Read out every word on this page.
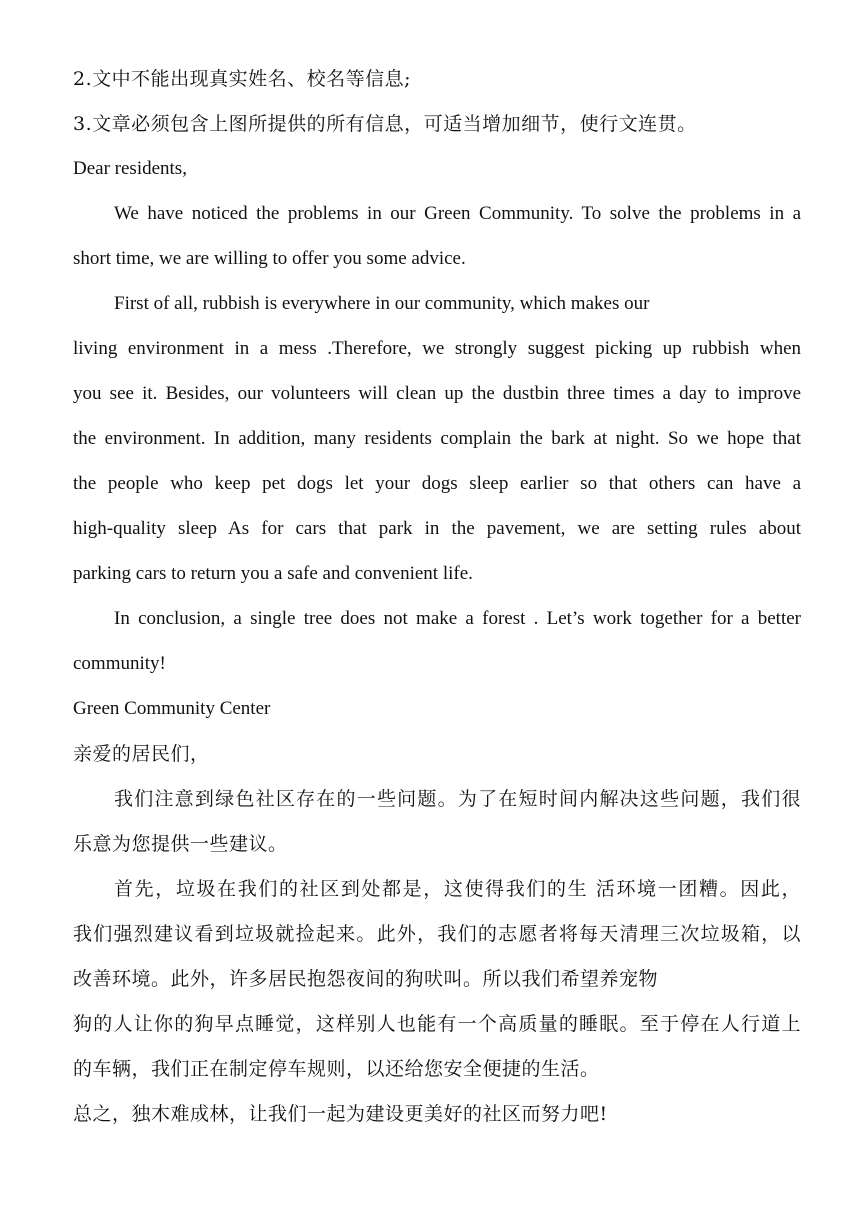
2.文中不能出现真实姓名、校名等信息;
3.文章必须包含上图所提供的所有信息，可适当增加细节，使行文连贯。
Dear residents,
We have noticed the problems in our Green Community. To solve the problems in a
short time, we are willing to offer you some advice.
First of all, rubbish is everywhere in our community, which makes our
living environment in a mess .Therefore, we strongly suggest picking up rubbish when
you see it. Besides, our volunteers will clean up the dustbin three times a day to improve
the environment. In addition, many residents complain the bark at night. So we hope that
the people who keep pet dogs let your dogs sleep earlier so that others can have a
high-quality sleep As for cars that park in the pavement, we are setting rules about
parking cars to return you a safe and convenient life.
In conclusion, a single tree does not make a forest . Let’s work together for a better
community!
Green Community Center
亲爱的居民们，
我们注意到绿色社区存在的一些问题。为了在短时间内解决这些问题，我们很
乐意为您提供一些建议。
首先，垃圾在我们的社区到处都是，这使得我们的生 活环境一团糟。因此，
我们强烈建议看到垃圾就捡起来。此外，我们的志愿者将每天清理三次垃圾箱，以
改善环境。此外，许多居民抱怨夜间的狗吠叫。所以我们希望养宠物
狗的人让你的狗早点睡觉，这样别人也能有一个高质量的睡眠。至于停在人行道上
的车辆，我们正在制定停车规则，以还给您安全便捷的生活。
总之，独木难成林，让我们一起为建设更美好的社区而努力吧!
